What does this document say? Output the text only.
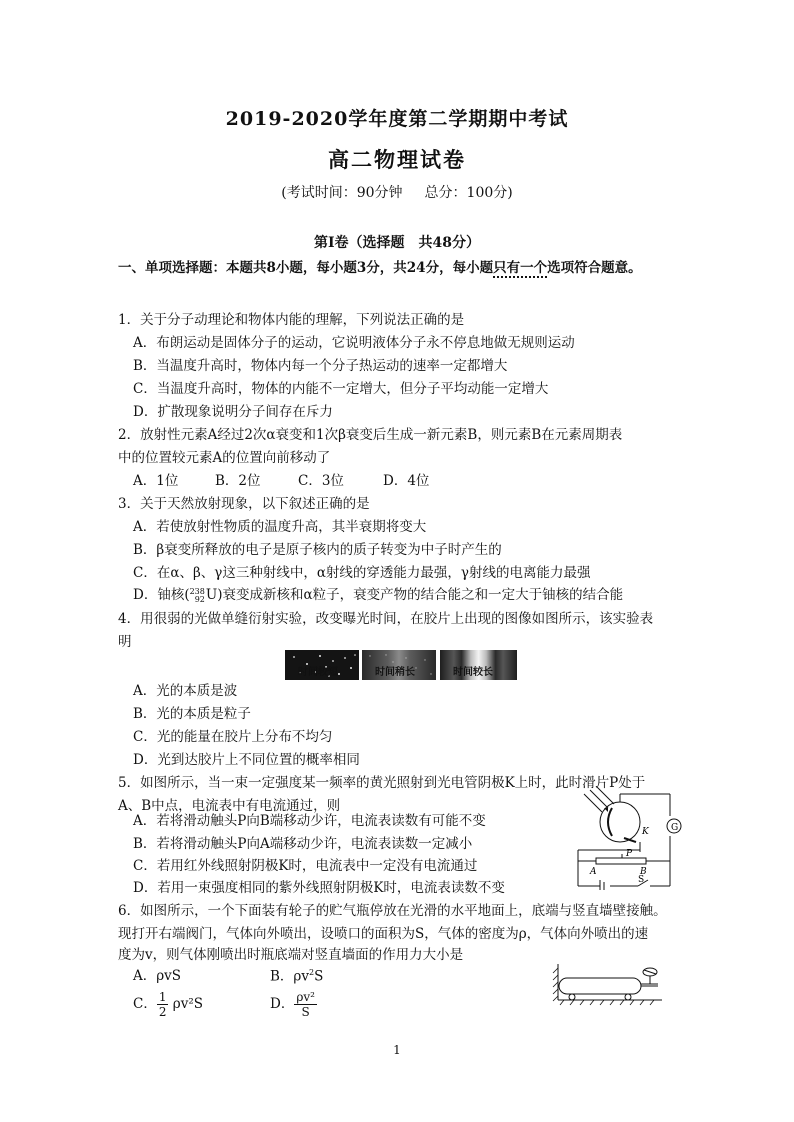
2019-2020学年度第二学期期中考试
高二物理试卷
(考试时间：90分钟 总分：100分)
第Ⅰ卷（选择题　共48分）
一、单项选择题：本题共8小题，每小题3分，共24分，每小题只有一个选项符合题意。
1．关于分子动理论和物体内能的理解，下列说法正确的是
A．布朗运动是固体分子的运动，它说明液体分子永不停息地做无规则运动
B．当温度升高时，物体内每一个分子热运动的速率一定都增大
C．当温度升高时，物体的内能不一定增大，但分子平均动能一定增大
D．扩散现象说明分子间存在斥力
2．放射性元素A经过2次α衰变和1次β衰变后生成一新元素B，则元素B在元素周期表
中的位置较元素A的位置向前移动了
A．1位	B．2位	C．3位	D．4位
3．关于天然放射现象，以下叙述正确的是
A．若使放射性物质的温度升高，其半衰期将变大
B．β衰变所释放的电子是原子核内的质子转变为中子时产生的
C．在α、β、γ这三种射线中，α射线的穿透能力最强，γ射线的电离能力最强
D．铀核( 238
92 U)衰变成新核和α粒子，衰变产物的结合能之和一定大于铀核的结合能
4．用很弱的光做单缝衍射实验，改变曝光时间，在胶片上出现的图像如图所示，该实验表
明
时间较短	时间稍长	时间较长
A．光的本质是波
B．光的本质是粒子
C．光的能量在胶片上分布不均匀
D．光到达胶片上不同位置的概率相同
5．如图所示，当一束一定强度某一频率的黄光照射到光电管阴极K上时，此时滑片P处于
A、B中点，电流表中有电流通过，则
A．若将滑动触头P向B端移动少许，电流表读数有可能不变
B．若将滑动触头P向A端移动少许，电流表读数一定减小
C．若用红外线照射阴极K时，电流表中一定没有电流通过
D．若用一束强度相同的紫外线照射阴极K时，电流表读数不变
K G
P
A	B
S
6．如图所示，一个下面装有轮子的贮气瓶停放在光滑的水平地面上，底端与竖直墙壁接触。
现打开右端阀门，气体向外喷出，设喷口的面积为S，气体的密度为ρ，气体向外喷出的速
度为v，则气体刚喷出时瓶底端对竖直墙面的作用力大小是
A．ρvS	B．$\rho v^2S$
C． $\frac{1}{2} \rho v^2S$	D． $\frac{\text{ρv²}}{S}$
1
